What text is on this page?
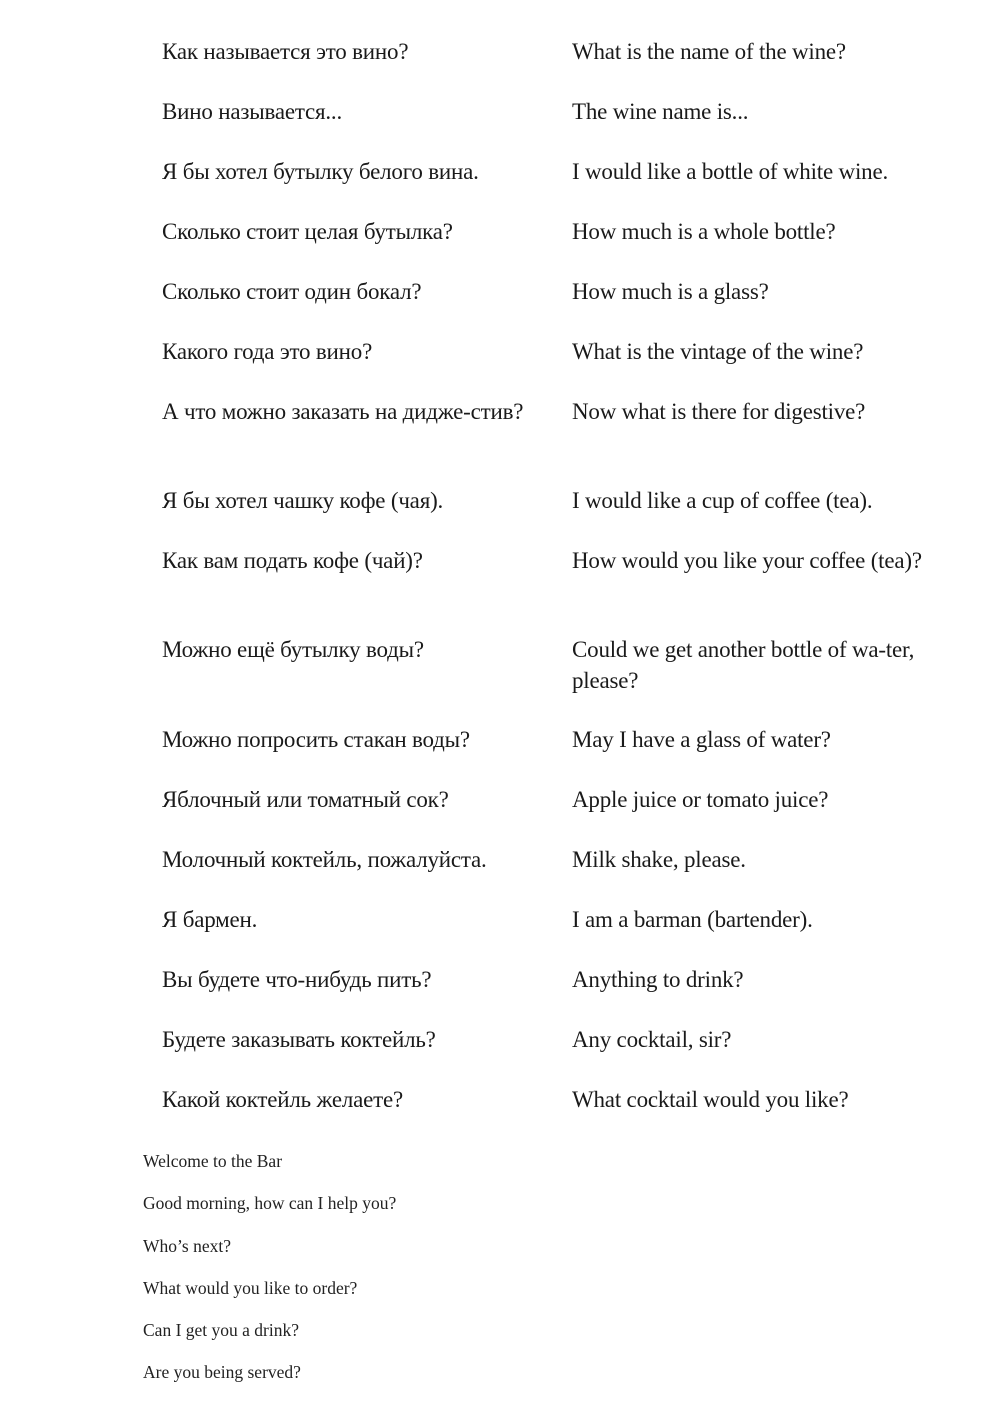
Как называется это вино?	What is the name of the wine?
Вино называется...	The wine name is...
Я бы хотел бутылку белого вина.	I would like a bottle of white wine.
Сколько стоит целая бутылка?	How much is a whole bottle?
Сколько стоит один бокал?	How much is a glass?
Какого года это вино?	What is the vintage of the wine?
А что можно заказать на дидже-стив?	Now what is there for digestive?
Я бы хотел чашку кофе (чая).	I would like a cup of coffee (tea).
Как вам подать кофе (чай)?	How would you like your coffee (tea)?
Можно ещё бутылку воды?	Could we get another bottle of wa-ter, please?
Можно попросить стакан воды?	May I have a glass of water?
Яблочный или томатный сок?	Apple juice or tomato juice?
Молочный коктейль, пожалуйста.	Milk shake, please.
Я бармен.	I am a barman (bartender).
Вы будете что-нибудь пить?	Anything to drink?
Будете заказывать коктейль?	Any cocktail, sir?
Какой коктейль желаете?	What cocktail would you like?
Welcome to the Bar
Good morning, how can I help you?
Who’s next?
What would you like to order?
Can I get you a drink?
Are you being served?
